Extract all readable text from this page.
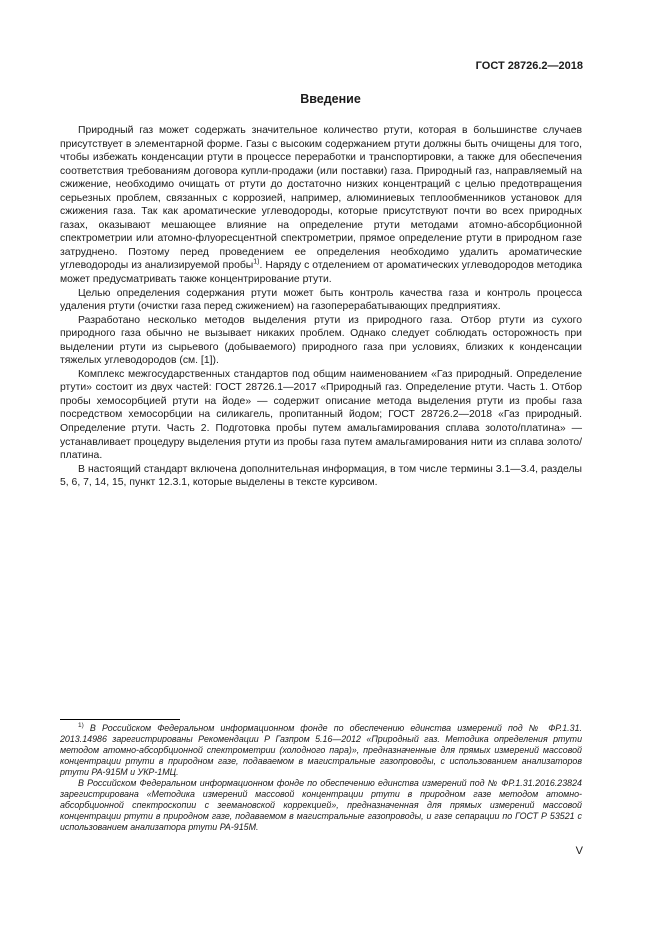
ГОСТ 28726.2—2018
Введение

Природный газ может содержать значительное количество ртути, которая в большинстве случаев присутствует в элементарной форме. Газы с высоким содержанием ртути должны быть очищены для того, чтобы избежать конденсации ртути в процессе переработки и транспортировки, а также для обеспечения соответствия требованиям договора купли-продажи (или поставки) газа. Природный газ, направляемый на сжижение, необходимо очищать от ртути до достаточно низких концентраций с целью предотвращения серьезных проблем, связанных с коррозией, например, алюминиевых теплообменников установок для сжижения газа. Так как ароматические углеводороды, которые присутствуют почти во всех природных газах, оказывают мешающее влияние на определение ртути методами атомно-абсорбционной спектрометрии или атомно-флуоресцентной спектрометрии, прямое определение ртути в природном газе затруднено. Поэтому перед проведением ее определения необходимо удалить ароматические углеводороды из анализируемой пробы$^{1)}$. Наряду с отделением от ароматических углеводородов методика может предусматривать также концентрирование ртути.

Целью определения содержания ртути может быть контроль качества газа и контроль процесса удаления ртути (очистки газа перед сжижением) на газоперерабатывающих предприятиях.

Разработано несколько методов выделения ртути из природного газа. Отбор ртути из сухого природного газа обычно не вызывает никаких проблем. Однако следует соблюдать осторожность при выделении ртути из сырьевого (добываемого) природного газа при условиях, близких к конденсации тяжелых углеводородов (см. [1]).

Комплекс межгосударственных стандартов под общим наименованием «Газ природный. Определение ртути» состоит из двух частей: ГОСТ 28726.1—2017 «Природный газ. Определение ртути. Часть 1. Отбор пробы хемосорбцией ртути на йоде» — содержит описание метода выделения ртути из пробы газа посредством хемосорбции на силикагель, пропитанный йодом; ГОСТ 28726.2—2018 «Газ природный. Определение ртути. Часть 2. Подготовка пробы путем амальгамирования сплава золото/платина» — устанавливает процедуру выделения ртути из пробы газа путем амальгамирования нити из сплава золото/платина.

В настоящий стандарт включена дополнительная информация, в том числе термины 3.1—3.4, разделы 5, 6, 7, 14, 15, пункт 12.3.1, которые выделены в тексте курсивом.

$^{1)}$ В Российском Федеральном информационном фонде по обеспечению единства измерений под № ФР.1.31. 2013.14986 зарегистрированы Рекомендации Р Газпром 5.16—2012 «Природный газ. Методика определения ртути методом атомно-абсорбционной спектрометрии (холодного пара)», предназначенные для прямых измерений массовой концентрации ртути в природном газе, подаваемом в магистральные газопроводы, с использованием анализаторов ртути РА-915М и УКР-1МЦ.

В Российском Федеральном информационном фонде по обеспечению единства измерений под № ФР.1.31.2016.23824 зарегистрирована «Методика измерений массовой концентрации ртути в природном газе методом атомно-абсорбционной спектроскопии с зеемановской коррекцией», предназначенная для прямых измерений массовой концентрации ртути в природном газе, подаваемом в магистральные газопроводы, и газе сепарации по ГОСТ Р 53521 с использованием анализатора ртути РА-915М.

V
